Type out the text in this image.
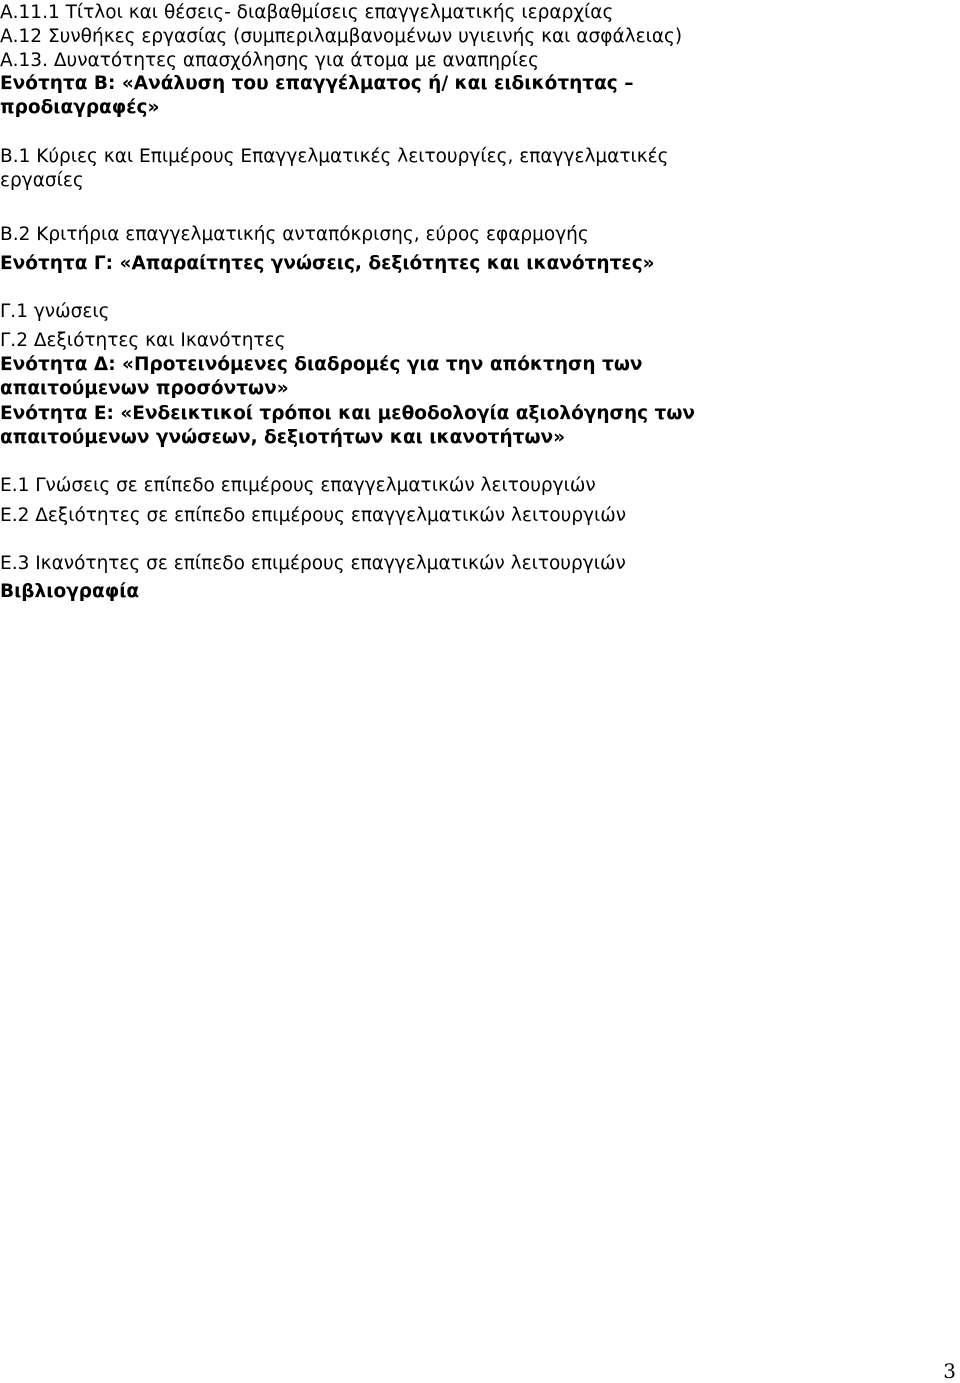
Α.11.1 Τίτλοι και θέσεις- διαβαθμίσεις επαγγελματικής ιεραρχίας

Α.12 Συνθήκες εργασίας (συμπεριλαμβανομένων υγιεινής και ασφάλειας)

Α.13. Δυνατότητες απασχόλησης για άτομα με αναπηρίες

Ενότητα Β: «Ανάλυση του επαγγέλματος ή/ και ειδικότητας –

προδιαγραφές»

Β.1 Κύριες και Επιμέρους Επαγγελματικές λειτουργίες, επαγγελματικές

εργασίες

Β.2 Κριτήρια επαγγελματικής ανταπόκρισης, εύρος εφαρμογής

Ενότητα Γ: «Απαραίτητες γνώσεις, δεξιότητες και ικανότητες»

Γ.1 γνώσεις

Γ.2 Δεξιότητες και Ικανότητες

Ενότητα Δ: «Προτεινόμενες διαδρομές για την απόκτηση των

απαιτούμενων προσόντων»

Ενότητα Ε: «Ενδεικτικοί τρόποι και μεθοδολογία αξιολόγησης των

απαιτούμενων γνώσεων, δεξιοτήτων και ικανοτήτων»

Ε.1 Γνώσεις σε επίπεδο επιμέρους επαγγελματικών λειτουργιών

Ε.2 Δεξιότητες σε επίπεδο επιμέρους επαγγελματικών λειτουργιών

Ε.3 Ικανότητες σε επίπεδο επιμέρους επαγγελματικών λειτουργιών

Βιβλιογραφία

3
